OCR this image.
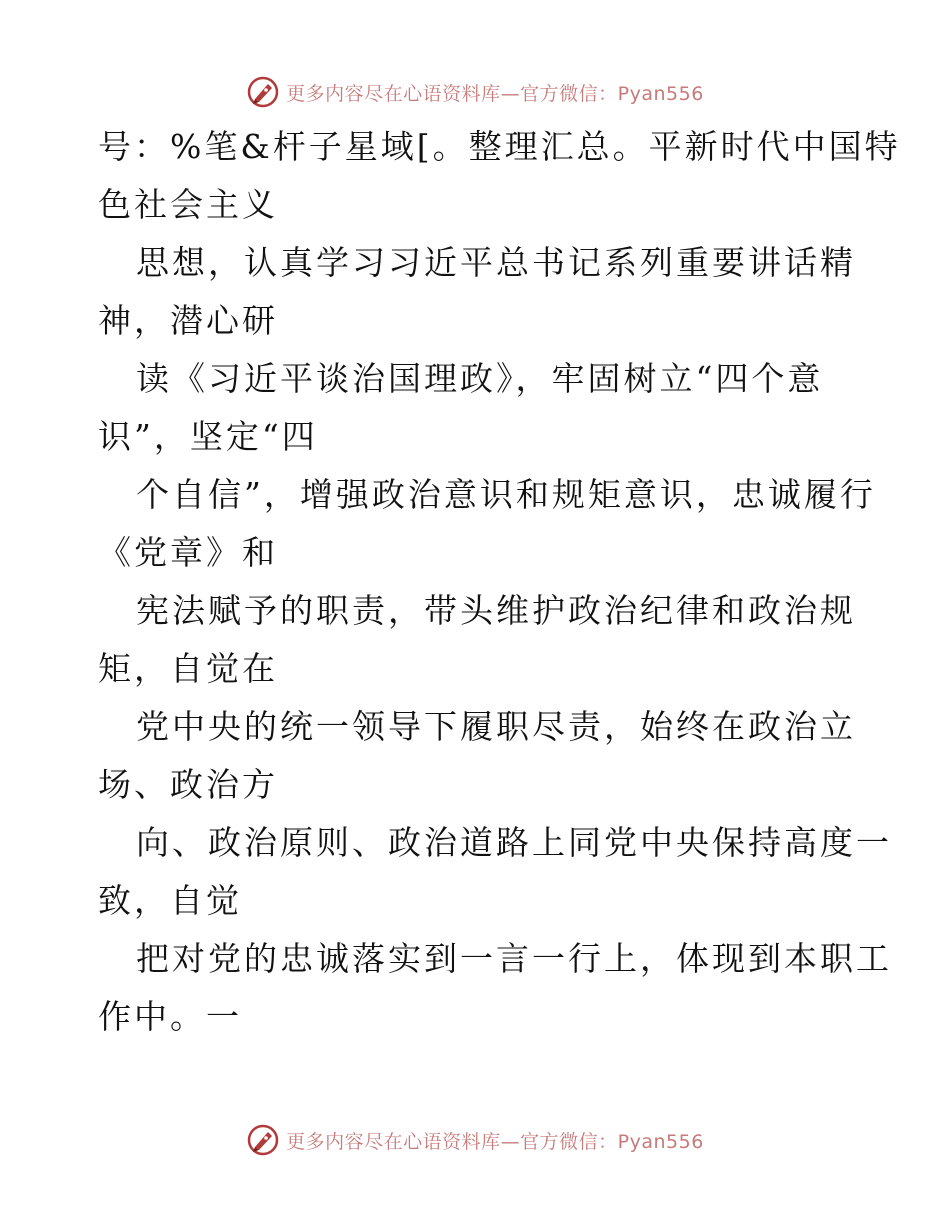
更多内容尽在心语资料库—官方微信：Pyan556
号：%笔&杆子星域[。整理汇总。平新时代中国特
色社会主义
思想，认真学习习近平总书记系列重要讲话精
神，潜心研
读《习近平谈治国理政》，牢固树立“四个意
识”，坚定“四
个自信”，增强政治意识和规矩意识，忠诚履行
《党章》和
宪法赋予的职责，带头维护政治纪律和政治规
矩，自觉在
党中央的统一领导下履职尽责，始终在政治立
场、政治方
向、政治原则、政治道路上同党中央保持高度一
致，自觉
把对党的忠诚落实到一言一行上，体现到本职工
作中。一
更多内容尽在心语资料库—官方微信：Pyan556
